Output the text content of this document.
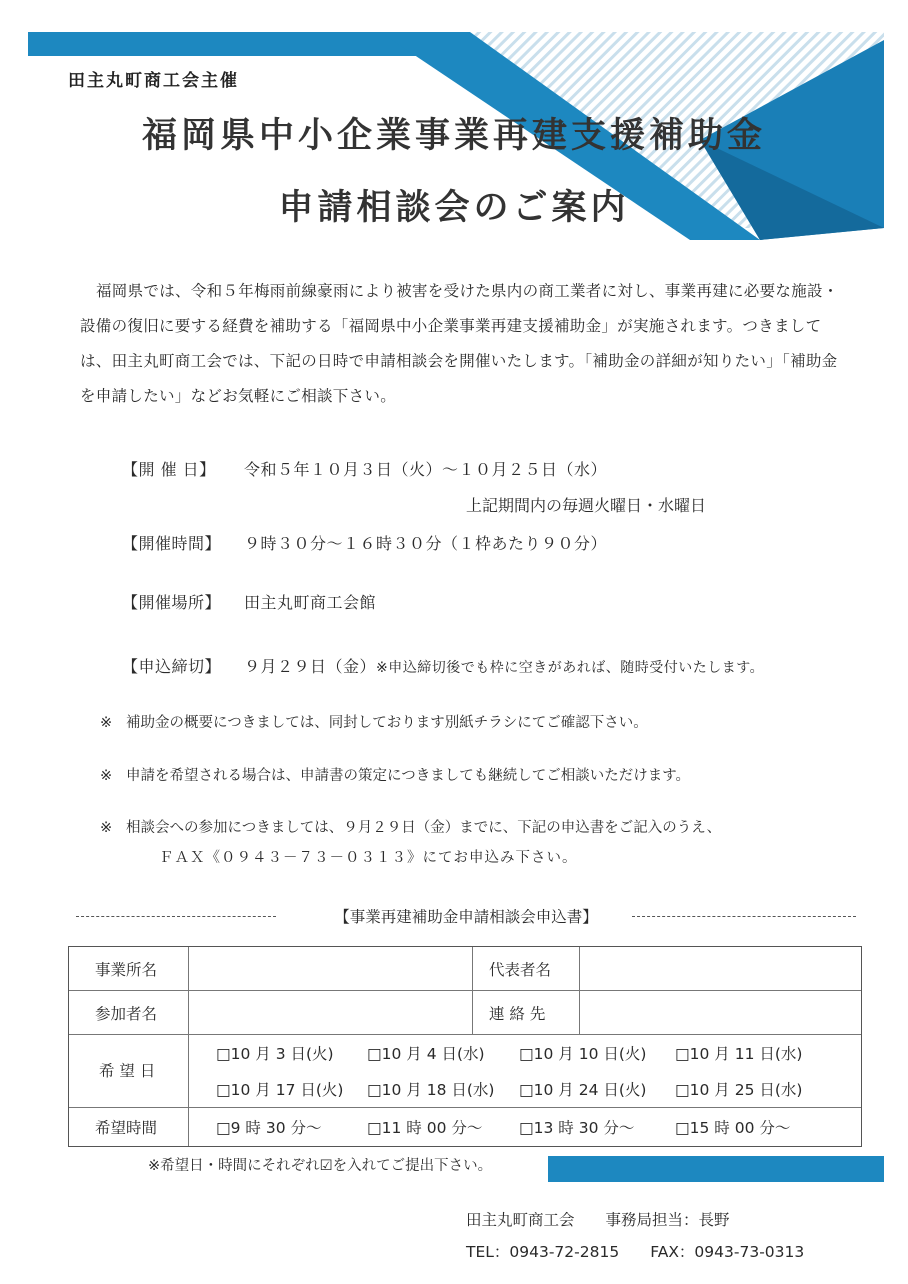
田主丸町商工会主催
福岡県中小企業事業再建支援補助金
申請相談会のご案内
福岡県では、令和５年梅雨前線豪雨により被害を受けた県内の商工業者に対し、事業再建に必要な施設・設備の復旧に要する経費を補助する「福岡県中小企業事業再建支援補助金」が実施されます。つきましては、田主丸町商工会では、下記の日時で申請相談会を開催いたします。「補助金の詳細が知りたい」「補助金を申請したい」などお気軽にご相談下さい。
【開 催 日】 令和５年１０月３日（火）～１０月２５日（水）
上記期間内の毎週火曜日・水曜日
【開催時間】 ９時３０分～１６時３０分（１枠あたり９０分）
【開催場所】 田主丸町商工会館
【申込締切】 ９月２９日（金）※申込締切後でも枠に空きがあれば、随時受付いたします。
※ 補助金の概要につきましては、同封しております別紙チラシにてご確認下さい。
※ 申請を希望される場合は、申請書の策定につきましても継続してご相談いただけます。
※ 相談会への参加につきましては、９月２９日（金）までに、下記の申込書をご記入のうえ、
ＦＡＸ《０９４３－７３－０３１３》にてお申込み下さい。
【事業再建補助金申請相談会申込書】
事業所名	代表者名
参加者名	連 絡 先
希 望 日
□10 月 3 日(火) □10 月 4 日(水) □10 月 10 日(火) □10 月 11 日(水)
□10 月 17 日(火) □10 月 18 日(水) □10 月 24 日(火) □10 月 25 日(水)
希望時間	□9 時 30 分～	□11 時 00 分～ □13 時 30 分～	□15 時 00 分～
※希望日・時間にそれぞれ☑を入れてご提出下さい。
田主丸町商工会　　 事務局担当：長野
TEL：0943-72-2815　　 FAX：0943-73-0313
